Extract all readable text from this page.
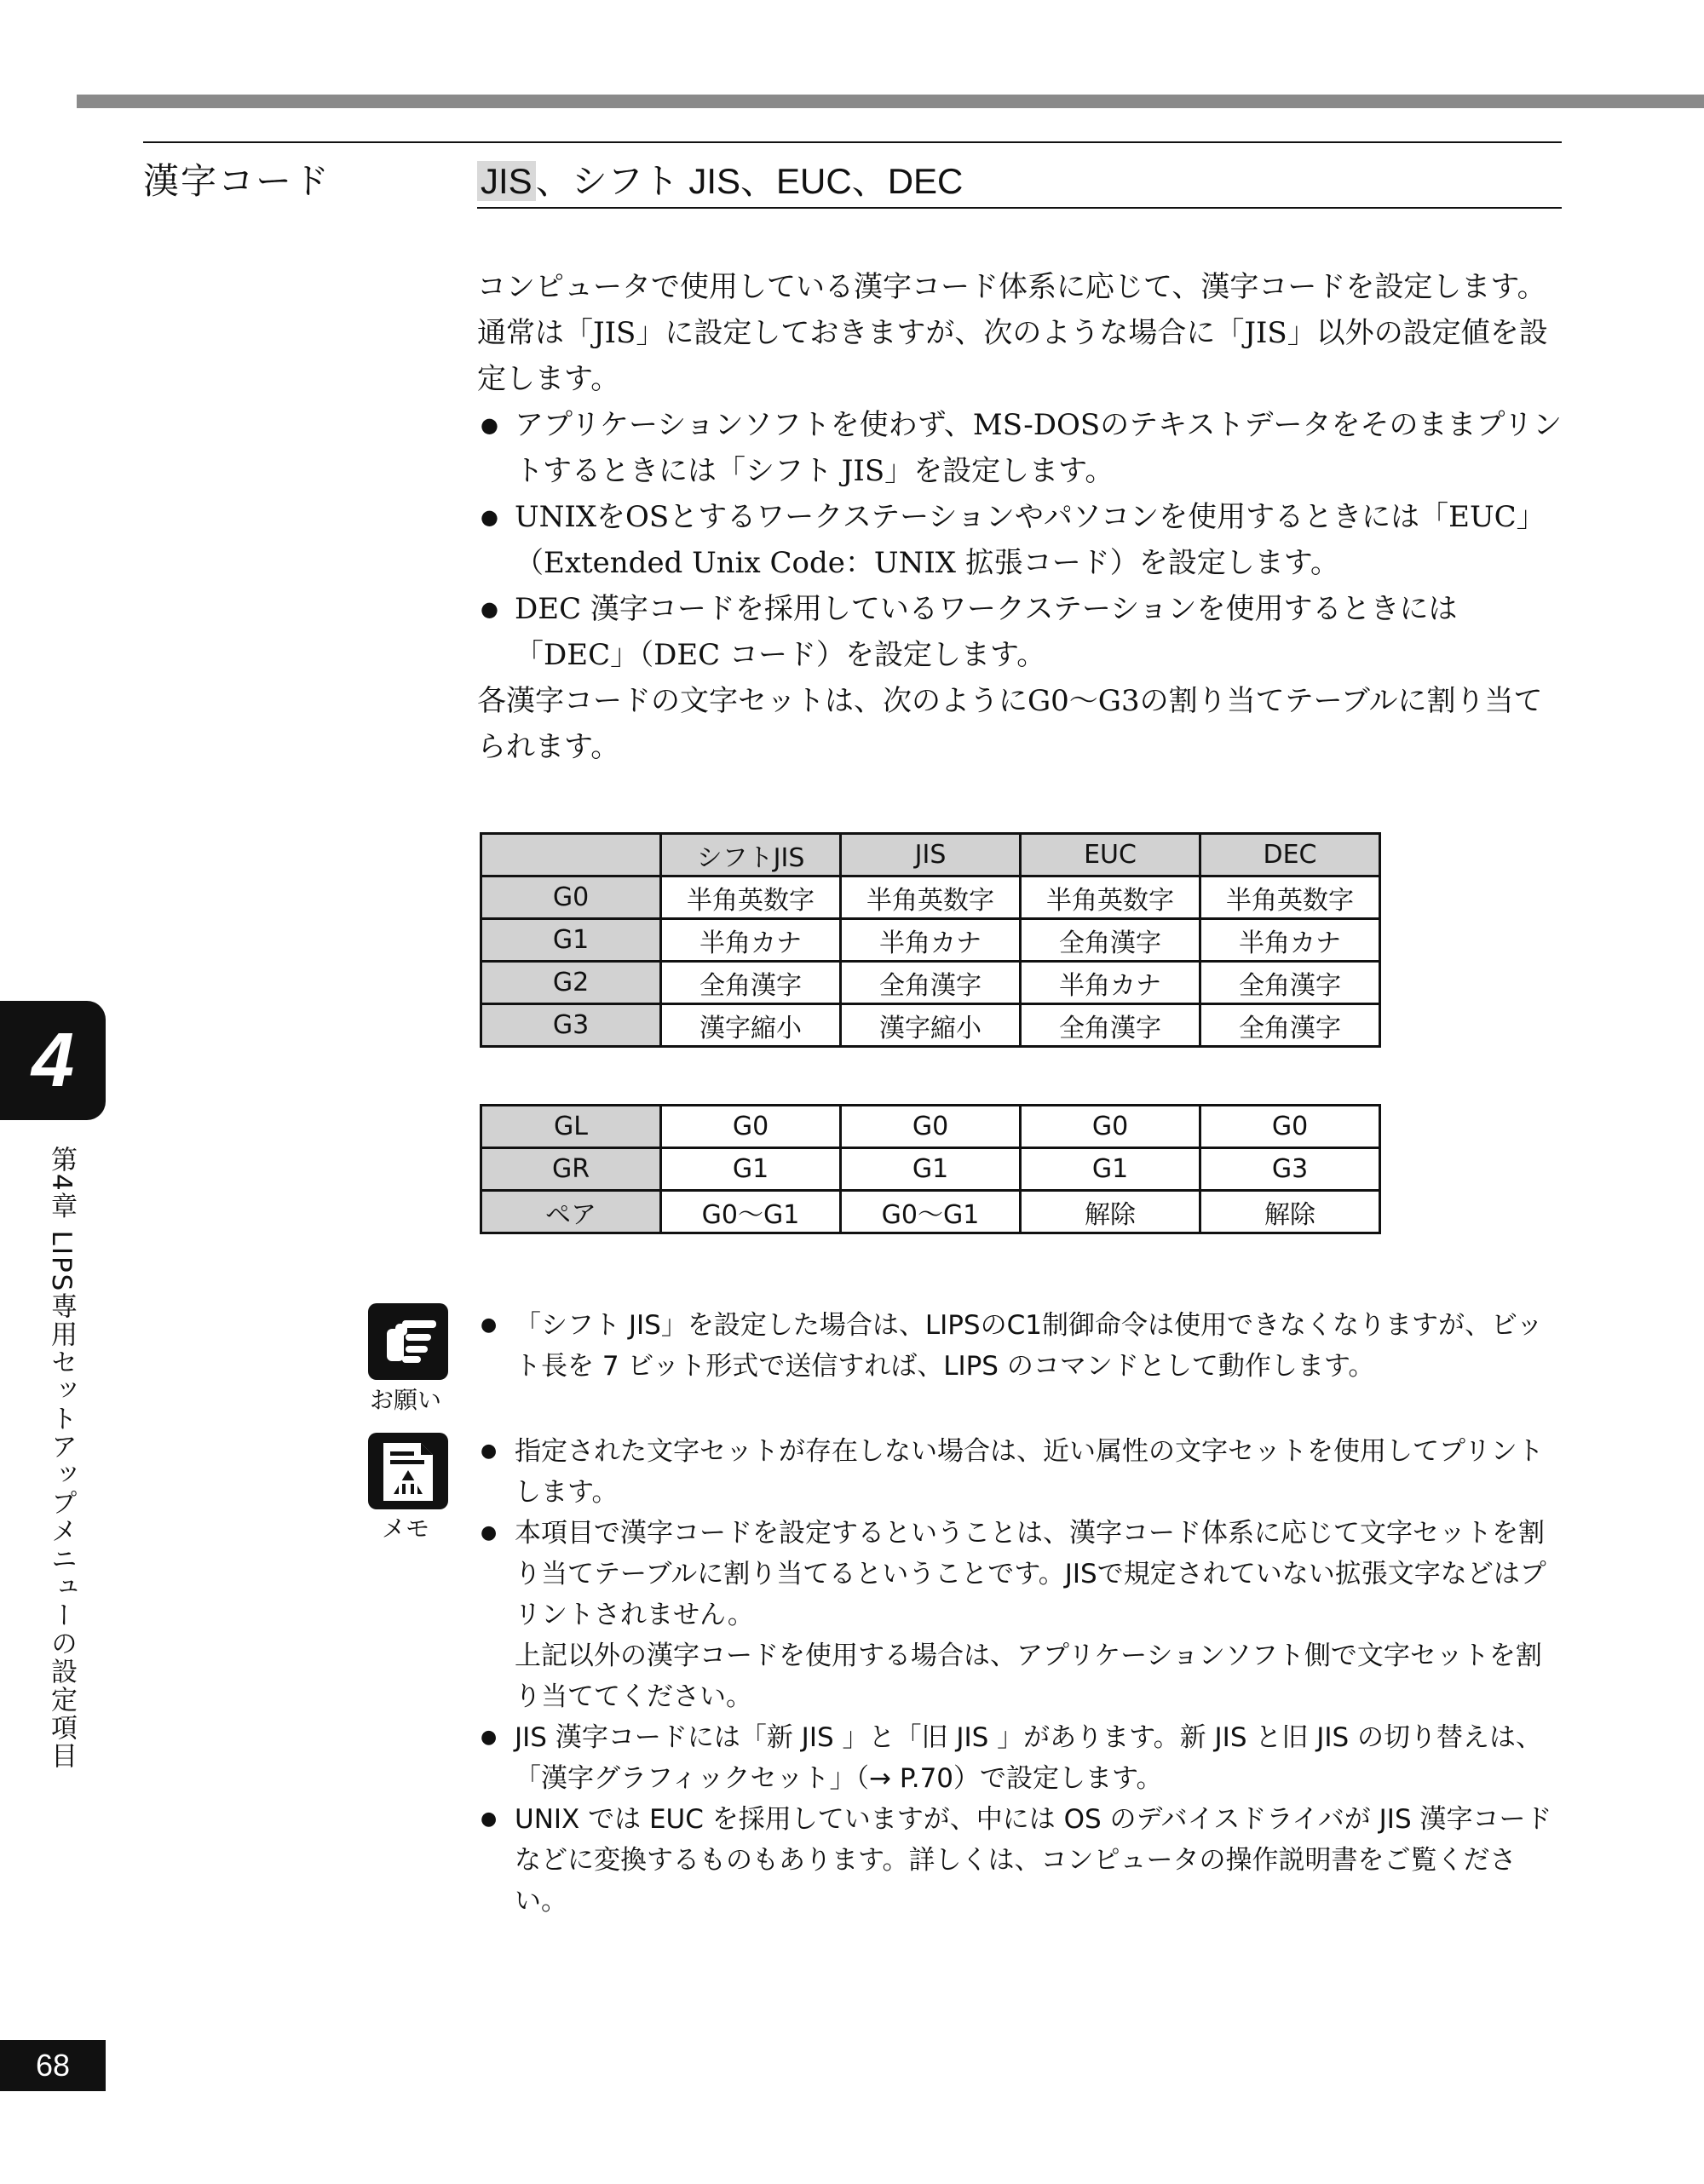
漢字コード	JIS、シフト JIS、EUC、DEC

コンピュータで使用している漢字コード体系に応じて、漢字コードを設定します。

通常は「JIS」に設定しておきますが、次のような場合に「JIS」以外の設定値を設定します。

● アプリケーションソフトを使わず、MS-DOSのテキストデータをそのままプリントするときには「シフト JIS」を設定します。

● UNIXをOSとするワークステーションやパソコンを使用するときには「EUC」（Extended Unix Code：UNIX 拡張コード）を設定します。

● DEC 漢字コードを採用しているワークステーションを使用するときには「DEC」（DEC コード）を設定します。

各漢字コードの文字セットは、次のようにG0～G3の割り当てテーブルに割り当てられます。

	シフトJIS	JIS	EUC	DEC
G0	半角英数字	半角英数字	半角英数字	半角英数字
G1	半角カナ	半角カナ	全角漢字	半角カナ
G2	全角漢字	全角漢字	半角カナ	全角漢字
G3	漢字縮小	漢字縮小	全角漢字	全角漢字
GL	G0	G0	G0	G0
GR	G1	G1	G1	G3
ペア	G0～G1	G0～G1	解除	解除
お願い

● 「シフト JIS」を設定した場合は、LIPSのC1制御命令は使用できなくなりますが、ビット長を 7 ビット形式で送信すれば、LIPS のコマンドとして動作します。

メモ

● 指定された文字セットが存在しない場合は、近い属性の文字セットを使用してプリントします。

● 本項目で漢字コードを設定するということは、漢字コード体系に応じて文字セットを割り当てテーブルに割り当てるということです。JISで規定されていない拡張文字などはプリントされません。

上記以外の漢字コードを使用する場合は、アプリケーションソフト側で文字セットを割り当ててください。

● JIS 漢字コードには「新 JIS 」と「旧 JIS 」があります。新 JIS と旧 JIS の切り替えは、「漢字グラフィックセット」（→ P.70）で設定します。

● UNIX では EUC を採用していますが、中には OS のデバイスドライバが JIS 漢字コードなどに変換するものもあります。詳しくは、コンピュータの操作説明書をご覧ください。

4
第4章 LIPS専用セットアップメニューの設定項目
68
